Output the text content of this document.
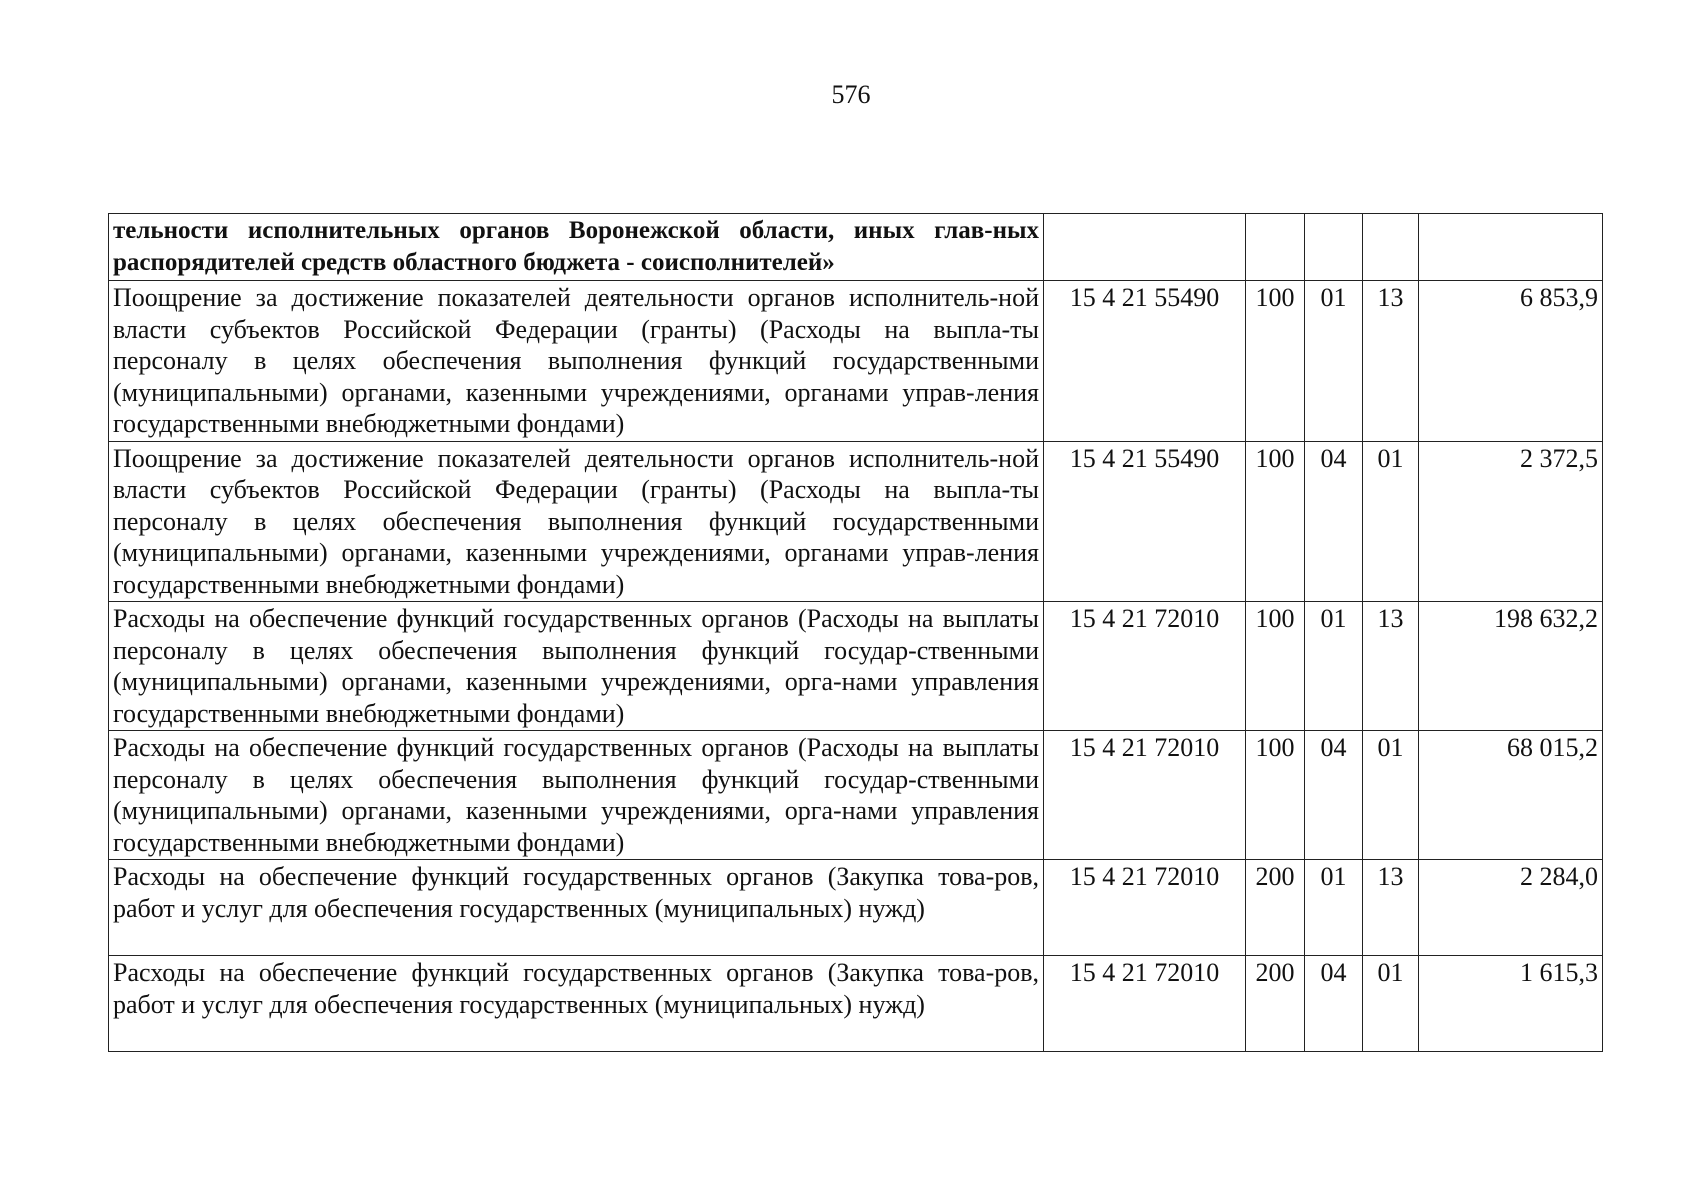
576
тельности исполнительных органов Воронежской области, иных глав-ных распорядителей средств областного бюджета - соисполнителей»					
Поощрение за достижение показателей деятельности органов исполнитель-ной власти субъектов Российской Федерации (гранты) (Расходы на выпла-ты персоналу в целях обеспечения выполнения функций государственными (муниципальными) органами, казенными учреждениями, органами управ-ления государственными внебюджетными фондами)	15 4 21 55490	100	01	13	6 853,9
Поощрение за достижение показателей деятельности органов исполнитель-ной власти субъектов Российской Федерации (гранты) (Расходы на выпла-ты персоналу в целях обеспечения выполнения функций государственными (муниципальными) органами, казенными учреждениями, органами управ-ления государственными внебюджетными фондами)	15 4 21 55490	100	04	01	2 372,5
Расходы на обеспечение функций государственных органов (Расходы на выплаты персоналу в целях обеспечения выполнения функций государ-ственными (муниципальными) органами, казенными учреждениями, орга-нами управления государственными внебюджетными фондами)	15 4 21 72010	100	01	13	198 632,2
Расходы на обеспечение функций государственных органов (Расходы на выплаты персоналу в целях обеспечения выполнения функций государ-ственными (муниципальными) органами, казенными учреждениями, орга-нами управления государственными внебюджетными фондами)	15 4 21 72010	100	04	01	68 015,2
Расходы на обеспечение функций государственных органов (Закупка това-ров, работ и услуг для обеспечения государственных (муниципальных) нужд)	15 4 21 72010	200	01	13	2 284,0
Расходы на обеспечение функций государственных органов (Закупка това-ров, работ и услуг для обеспечения государственных (муниципальных) нужд)	15 4 21 72010	200	04	01	1 615,3
